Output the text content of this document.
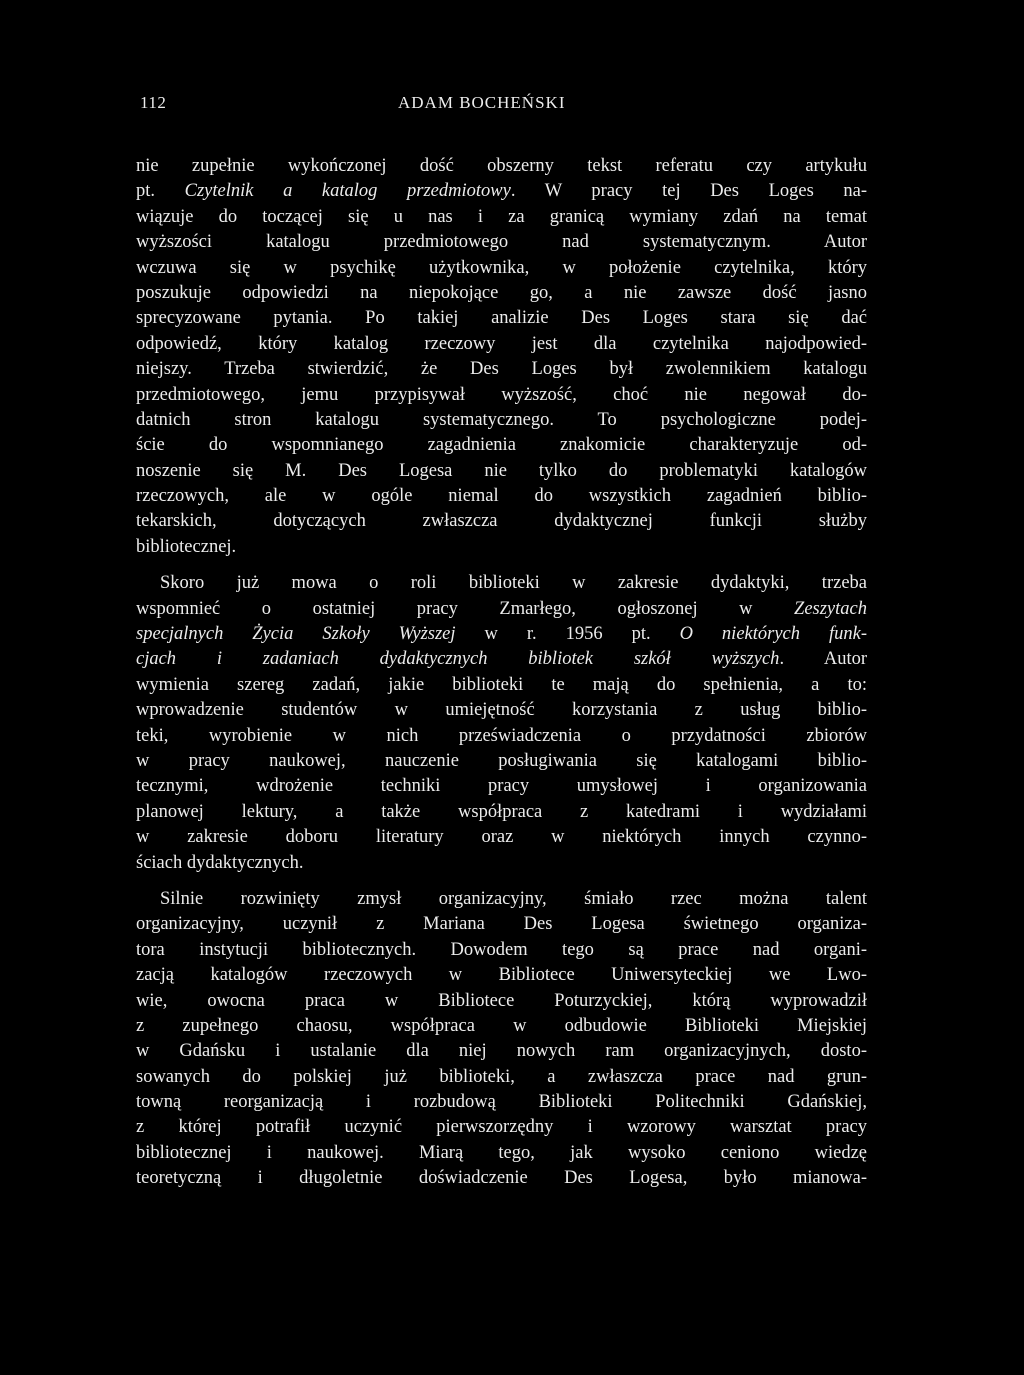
112	ADAM BOCHEŃSKI
nie zupełnie wykończonej dość obszerny tekst referatu czy artykułu
pt. Czytelnik a katalog przedmiotowy. W pracy tej Des Loges na-
wiązuje do toczącej się u nas i za granicą wymiany zdań na temat
wyższości katalogu przedmiotowego nad systematycznym. Autor
wczuwa się w psychikę użytkownika, w położenie czytelnika, który
poszukuje odpowiedzi na niepokojące go, a nie zawsze dość jasno
sprecyzowane pytania. Po takiej analizie Des Loges stara się dać
odpowiedź, który katalog rzeczowy jest dla czytelnika najodpowied-
niejszy. Trzeba stwierdzić, że Des Loges był zwolennikiem katalogu
przedmiotowego, jemu przypisywał wyższość, choć nie negował do-
datnich stron katalogu systematycznego. To psychologiczne podej-
ście do wspomnianego zagadnienia znakomicie charakteryzuje od-
noszenie się M. Des Logesa nie tylko do problematyki katalogów
rzeczowych, ale w ogóle niemal do wszystkich zagadnień biblio-
tekarskich, dotyczących zwłaszcza dydaktycznej funkcji służby
bibliotecznej.
Skoro już mowa o roli biblioteki w zakresie dydaktyki, trzeba
wspomnieć o ostatniej pracy Zmarłego, ogłoszonej w Zeszytach
specjalnych Życia Szkoły Wyższej w r. 1956 pt. O niektórych funk-
cjach i zadaniach dydaktycznych bibliotek szkół wyższych. Autor
wymienia szereg zadań, jakie biblioteki te mają do spełnienia, a to:
wprowadzenie studentów w umiejętność korzystania z usług biblio-
teki, wyrobienie w nich przeświadczenia o przydatności zbiorów
w pracy naukowej, nauczenie posługiwania się katalogami biblio-
tecznymi, wdrożenie techniki pracy umysłowej i organizowania
planowej lektury, a także współpraca z katedrami i wydziałami
w zakresie doboru literatury oraz w niektórych innych czynno-
ściach dydaktycznych.
Silnie rozwinięty zmysł organizacyjny, śmiało rzec można talent
organizacyjny, uczynił z Mariana Des Logesa świetnego organiza-
tora instytucji bibliotecznych. Dowodem tego są prace nad organi-
zacją katalogów rzeczowych w Bibliotece Uniwersyteckiej we Lwo-
wie, owocna praca w Bibliotece Poturzyckiej, którą wyprowadził
z zupełnego chaosu, współpraca w odbudowie Biblioteki Miejskiej
w Gdańsku i ustalanie dla niej nowych ram organizacyjnych, dosto-
sowanych do polskiej już biblioteki, a zwłaszcza prace nad grun-
towną reorganizacją i rozbudową Biblioteki Politechniki Gdańskiej,
z której potrafił uczynić pierwszorzędny i wzorowy warsztat pracy
bibliotecznej i naukowej. Miarą tego, jak wysoko ceniono wiedzę
teoretyczną i długoletnie doświadczenie Des Logesa, było mianowa-
